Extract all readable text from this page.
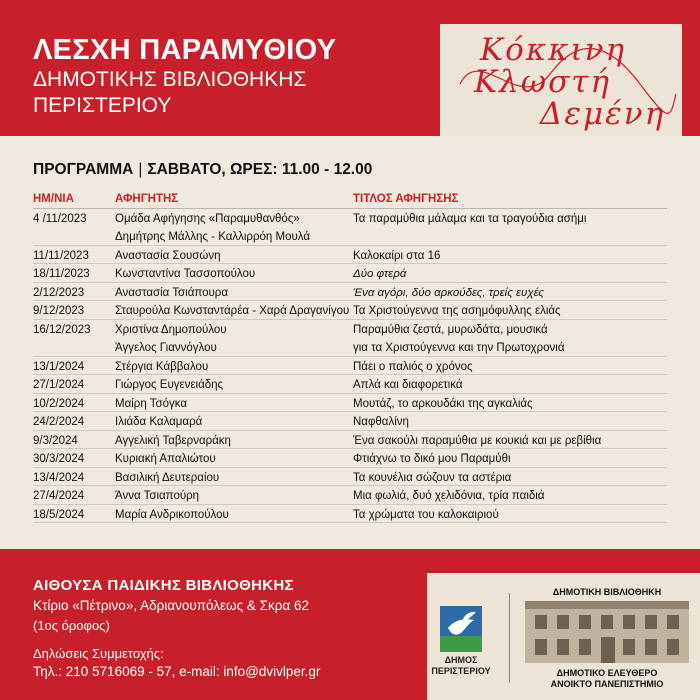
ΛΕΣΧΗ ΠΑΡΑΜΥΘΙΟΥ
ΔΗΜΟΤΙΚΗΣ ΒΙΒΛΙΟΘΗΚΗΣ
ΠΕΡΙΣΤΕΡΙΟΥ
Κόκκινη
Κλωστή
Δεμένη
ΠΡΟΓΡΑΜΜΑ | ΣΑΒΒΑΤΟ, ΩΡΕΣ: 11.00 - 12.00
ΗΜ/ΝΙΑ	ΑΦΗΓΗΤΗΣ	ΤΙΤΛΟΣ ΑΦΗΓΗΣΗΣ
4 /11/2023	Ομάδα Αφήγησης «Παραμυθανθός»	Τα παραμύθια μάλαμα και τα τραγούδια ασήμι
	Δημήτρης Μάλλης - Καλλιρρόη Μουλά	
11/11/2023	Αναστασία Σουσώνη	Καλοκαίρι στα 16
18/11/2023	Κωνσταντίνα Τασσοπούλου	Δύο φτερά
2/12/2023	Αναστασία Τσιάπουρα	Ένα αγόρι, δύο αρκούδες, τρείς ευχές
9/12/2023	Σταυρούλα Κωνσταντάρέα - Χαρά Δραγανίγου	Τα Χριστούγεννα της ασημόφυλλης ελιάς
16/12/2023	Χριστίνα Δημοπούλου	Παραμύθια ζεστά, μυρωδάτα, μουσικά
	Άγγελος Γιαννόγλου	για τα Χριστούγεννα και την Πρωτοχρονιά
13/1/2024	Στέργια Κάββαλου	Πάει ο παλιός ο χρόνος
27/1/2024	Γιώργος Ευγενειάδης	Απλά και διαφορετικά
10/2/2024	Μαίρη Τσόγκα	Μουτάζ, το αρκουδάκι της αγκαλιάς
24/2/2024	Ιλιάδα Καλαμαρά	Ναφθαλίνη
9/3/2024	Αγγελική Ταβερναράκη	Ένα σακούλι παραμύθια με κουκιά και με ρεβίθια
30/3/2024	Κυριακή Απαλιώτου	Φτιάχνω το δικό μου Παραμύθι
13/4/2024	Βασιλική Δευτεραίου	Τα κουνέλια σώζουν τα αστέρια
27/4/2024	Άννα Τσιαπούρη	Μια φωλιά, δυό χελιδόνια, τρία παιδιά
18/5/2024	Μαρία Ανδρικοπούλου	Τα χρώματα του καλοκαιριού
ΑΙΘΟΥΣΑ ΠΑΙΔΙΚΗΣ ΒΙΒΛΙΟΘΗΚΗΣ
Κτίριο «Πέτρινο», Αδριανουπόλεως & Σκρα 62
(1ος όροφος)
Δηλώσεις Συμμετοχής:
Τηλ.: 210 5716069 - 57, e-mail: info@dvivlper.gr
ΔΗΜΟΣ
ΠΕΡΙΣΤΕΡΙΟΥ
ΔΗΜΟΤΙΚΗ ΒΙΒΛΙΟΘΗΚΗ
ΔΗΜΟΤΙΚΟ ΕΛΕΥΘΕΡΟ
ΑΝΟΙΚΤΟ ΠΑΝΕΠΙΣΤΗΜΙΟ
